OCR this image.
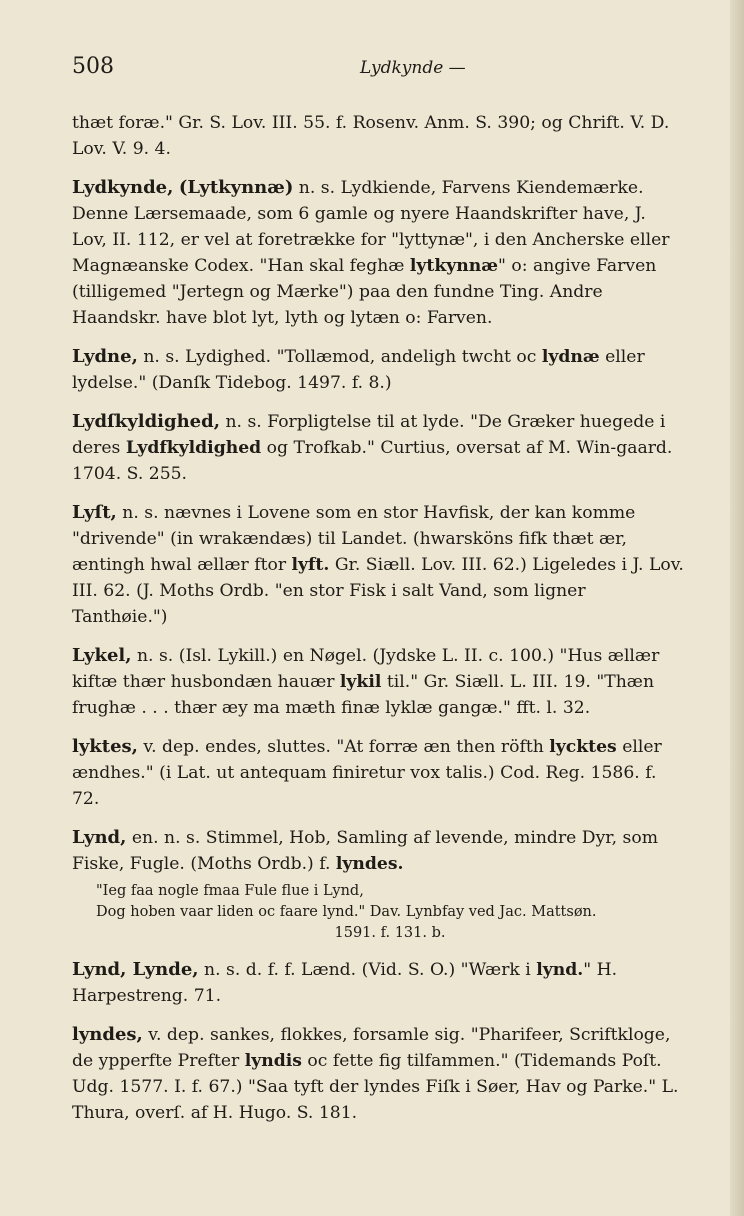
508	Lydkynde —

thæt foræ." Gr. S. Lov. III. 55. f. Rosenv. Anm. S. 390; og Chrift. V. D. Lov. V. 9. 4.

Lydkynde, (Lytkynnæ) n. s. Lydkiende, Farvens Kiendemærke. Denne Lærsemaade, som 6 gamle og nyere Haandskrifter have, J. Lov, II. 112, er vel at foretrække for "lyttynæ", i den Ancherske eller Magnæanske Codex. "Han skal feghæ lytkynnæ" o: angive Farven (tilligemed "Jertegn og Mærke") paa den fundne Ting. Andre Haandskr. have blot lyt, lyth og lytæn o: Farven.

Lydne, n. s. Lydighed. "Tollæmod, andeligh twcht oc lydnæ eller lydelse." (Danſk Tidebog. 1497. f. 8.)

Lydſkyldighed, n. s. Forpligtelse til at lyde. "De Græker huegede i deres Lydfkyldighed og Trofkab." Curtius, oversat af M. Win-gaard. 1704. S. 255.

Lyſt, n. s. nævnes i Lovene som en stor Havfisk, der kan komme "drivende" (in wrakændæs) til Landet. (hwarsköns fifk thæt ær, æntingh hwal ællær ftor lyft. Gr. Siæll. Lov. III. 62.) Ligeledes i J. Lov. III. 62. (J. Moths Ordb. "en stor Fisk i salt Vand, som ligner Tanthøie.")

Lykel, n. s. (Isl. Lykill.) en Nøgel. (Jydske L. II. c. 100.) "Hus ællær kiftæ thær husbondæn hauær lykil til." Gr. Siæll. L. III. 19. "Thæn frughæ . . . thær æy ma mæth finæ lyklæ gangæ." fft. l. 32.

lyktes, v. dep. endes, sluttes. "At forræ æn then röfth lycktes eller ændhes." (i Lat. ut antequam finiretur vox talis.) Cod. Reg. 1586. f. 72.

Lynd, en. n. s. Stimmel, Hob, Samling af levende, mindre Dyr, som Fiske, Fugle. (Moths Ordb.) f. lyndes.

"Ieg faa nogle fmaa Fule flue i Lynd,
Dog hoben vaar liden oc faare lynd." Dav. Lynbfay ved Jac. Mattsøn.
1591. f. 131. b.

Lynd, Lynde, n. s. d. f. f. Lænd. (Vid. S. O.) "Wærk i lynd." H. Harpestreng. 71.

lyndes, v. dep. sankes, flokkes, forsamle sig. "Pharifeer, Scriftkloge, de ypperfte Prefter lyndis oc fette fig tilfammen." (Tidemands Poſt. Udg. 1577. I. f. 67.) "Saa tyft der lyndes Fiſk i Søer, Hav og Parke." L. Thura, overſ. af H. Hugo. S. 181.
